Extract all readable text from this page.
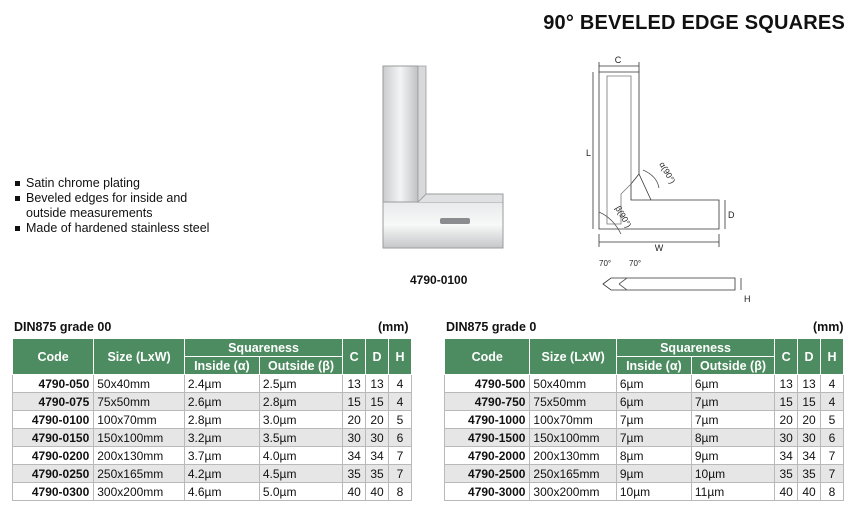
90° BEVELED EDGE SQUARES
Satin chrome plating
Beveled edges for inside and outside measurements
Made of hardened stainless steel
4790-0100
C
L
α(90°)
β(90°)	D
W
70° 70°
H
DIN875 grade 00	(mm)
Code	Size (LxW)	Squareness		C	D	H
		Inside (α)	Outside (β)			
4790-050	50x40mm	2.4µm	2.5µm	13	13	4
4790-075	75x50mm	2.6µm	2.8µm	15	15	4
4790-0100	100x70mm	2.8µm	3.0µm	20	20	5
4790-0150	150x100mm	3.2µm	3.5µm	30	30	6
4790-0200	200x130mm	3.7µm	4.0µm	34	34	7
4790-0250	250x165mm	4.2µm	4.5µm	35	35	7
4790-0300	300x200mm	4.6µm	5.0µm	40	40	8
DIN875 grade 0	(mm)
Code	Size (LxW)	Squareness		C	D	H
		Inside (α)	Outside (β)			
4790-500	50x40mm	6µm	6µm	13	13	4
4790-750	75x50mm	6µm	7µm	15	15	4
4790-1000	100x70mm	7µm	7µm	20	20	5
4790-1500	150x100mm	7µm	8µm	30	30	6
4790-2000	200x130mm	8µm	9µm	34	34	7
4790-2500	250x165mm	9µm	10µm	35	35	7
4790-3000	300x200mm	10µm	11µm	40	40	8
